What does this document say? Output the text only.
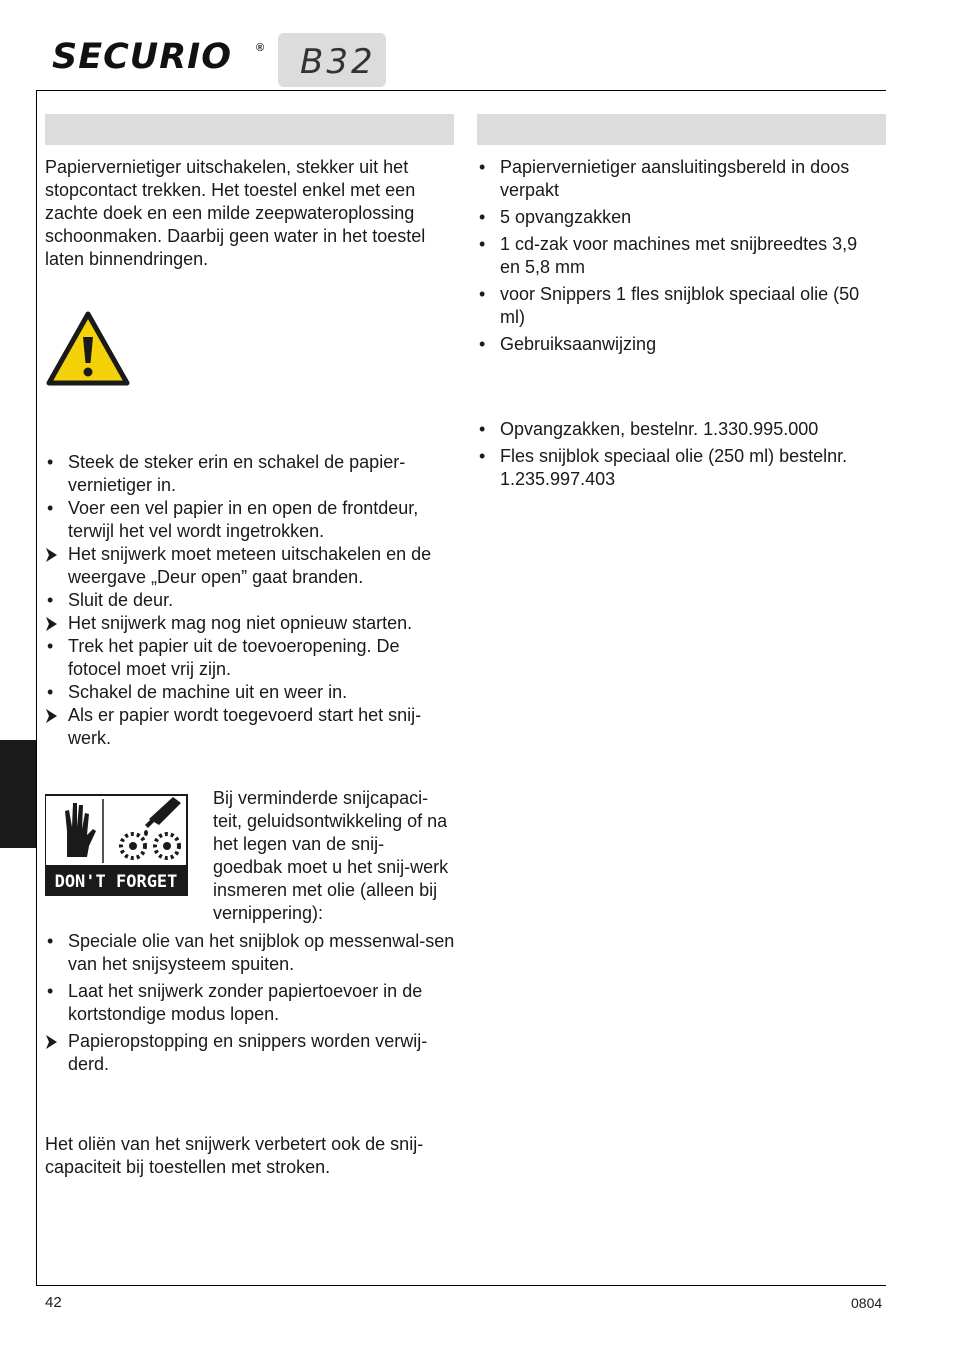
SECURIO ® B32

Papiervernietiger uitschakelen, stekker uit het stopcontact trekken. Het toestel enkel met een zachte doek en een milde zeepwateroplossing schoonmaken. Daarbij geen water in het toestel laten binnendringen.

• Steek de steker erin en schakel de papier-vernietiger in.
• Voer een vel papier in en open de frontdeur, terwijl het vel wordt ingetrokken.
Het snijwerk moet meteen uitschakelen en de weergave „Deur open” gaat branden.
• Sluit de deur.
Het snijwerk mag nog niet opnieuw starten.
• Trek het papier uit de toevoeropening. De fotocel moet vrij zijn.
• Schakel de machine uit en weer in.
Als er papier wordt toegevoerd start het snij-werk.
DON'T FORGET

Bij verminderde snijcapaci-teit, geluidsontwikkeling of na het legen van de snij-goedbak moet u het snij-werk insmeren met olie (alleen bij vernippering):

• Speciale olie van het snijblok op messenwal-sen van het snijsysteem spuiten.
• Laat het snijwerk zonder papiertoevoer in de kortstondige modus lopen.
Papieropstopping en snippers worden verwij-derd.

Het oliën van het snijwerk verbetert ook de snij-capaciteit bij toestellen met stroken.

• Papiervernietiger aansluitingsbereld in doos verpakt
• 5 opvangzakken
• 1 cd-zak voor machines met snijbreedtes 3,9 en 5,8 mm
• voor Snippers 1 fles snijblok speciaal olie (50 ml)
• Gebruiksaanwijzing
• Opvangzakken, bestelnr. 1.330.995.000
• Fles snijblok speciaal olie (250 ml) bestelnr. 1.235.997.403
42	0804
